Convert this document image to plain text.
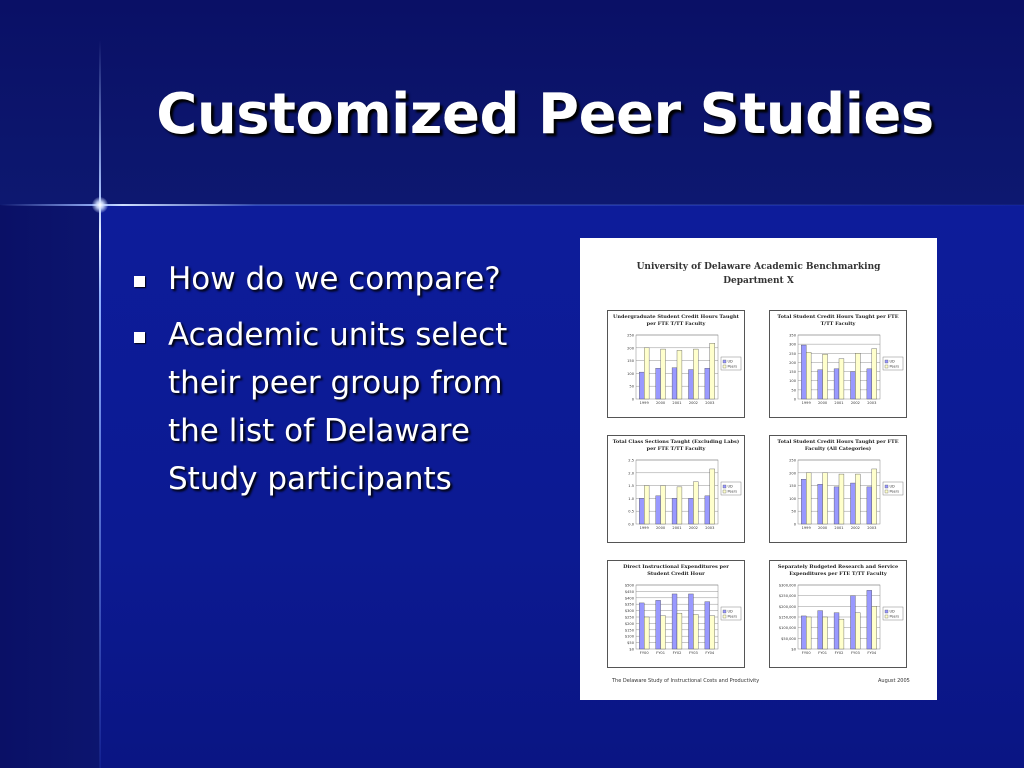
Customized Peer Studies
How do we compare?
Academic units select their peer group from the list of Delaware Study participants
University of Delaware Academic Benchmarking
Department X
Undergraduate Student Credit Hours Taught per FTE T/TT Faculty
0
50
100
150
200
250
1999 2000 2001 2002 2003
UD
Peers
Total Student Credit Hours Taught per FTE T/TT Faculty
0
50
100
150
200
250
300
350
1999 2000 2001 2002 2003
UD
Peers
Total Class Sections Taught (Excluding Labs) per FTE T/TT Faculty
0.0
0.5
1.0
1.5
2.0
2.5
1999 2000 2001 2002 2003
UD
Peers
Total Student Credit Hours Taught per FTE Faculty (All Categories)
0
50
100
150
200
250
1999 2000 2001 2002 2003
UD
Peers
Direct Instructional Expenditures per Student Credit Hour
$0
$50
$100
$150
$200
$250
$300
$350
$400
$450
$500
FY00 FY01 FY02 FY03 FY04
UD
Peers
Separately Budgeted Research and Service Expenditures per FTE T/TT Faculty
$0
$50,000
$100,000
$150,000
$200,000
$250,000
$300,000
FY00 FY01 FY02 FY03 FY04
UD
Peers
The Delaware Study of Instructional Costs and Productivity	August 2005
